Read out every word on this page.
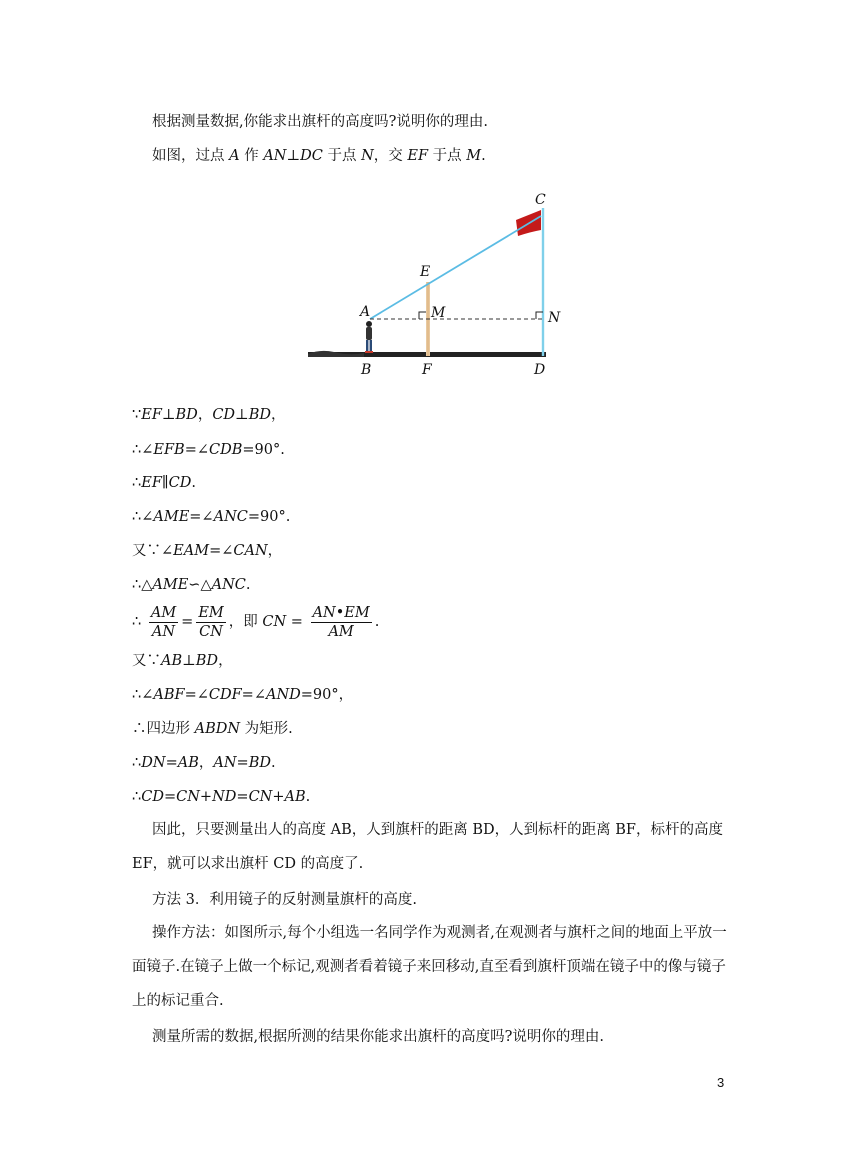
根据测量数据,你能求出旗杆的高度吗?说明你的理由.
如图，过点 A 作 AN⊥DC 于点 N，交 EF 于点 M.
C
E
A	M	N
B	F	D
∵EF⊥BD，CD⊥BD，
∴∠EFB=∠CDB=90°.
∴EF∥CD.
∴∠AME=∠ANC=90°.
又∵∠EAM=∠CAN，
∴△AME∽△ANC.
∴ $\frac{AM}{AN} = \frac{EM}{CN}$ ，即 CN = $\frac{AN•EM}{AM}$ .
又∵AB⊥BD，
∴∠ABF=∠CDF=∠AND=90°，
∴四边形 ABDN 为矩形.
∴DN=AB，AN=BD.
∴CD=CN+ND=CN+AB.
因此，只要测量出人的高度 AB，人到旗杆的距离 BD，人到标杆的距离 BF，标杆的高度 EF，就可以求出旗杆 CD 的高度了.
方法 3．利用镜子的反射测量旗杆的高度.
操作方法：如图所示,每个小组选一名同学作为观测者,在观测者与旗杆之间的地面上平放一面镜子.在镜子上做一个标记,观测者看着镜子来回移动,直至看到旗杆顶端在镜子中的像与镜子上的标记重合.
测量所需的数据,根据所测的结果你能求出旗杆的高度吗?说明你的理由.
3
